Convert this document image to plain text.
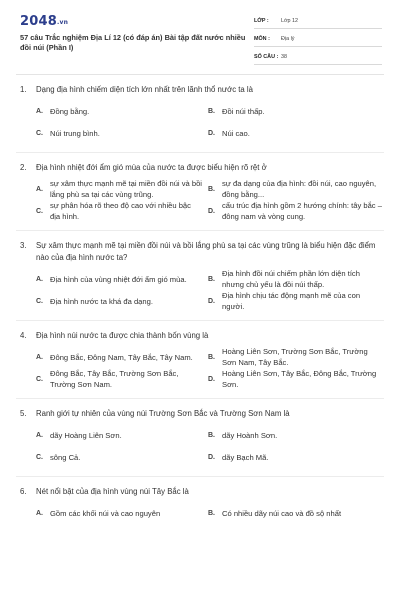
2048.vn
57 câu Trắc nghiệm Địa Lí 12 (có đáp án) Bài tập đất nước nhiều đồi núi (Phần I)
LỚP :	Lớp 12
MÔN :	Địa lý
SỐ CÂU : 38
1.	Dạng địa hình chiếm diện tích lớn nhất trên lãnh thổ nước ta là
A. Đồng bằng.	B. Đồi núi thấp.
C. Núi trung bình.	D. Núi cao.
2.	Địa hình nhiệt đới ẩm gió mùa của nước ta được biểu hiện rõ rệt ở
A.
sự xâm thực mạnh mẽ tại miền đồi núi và bồi lắng phù sa tại các vùng trũng.
B.
sự đa dạng của địa hình: đồi núi, cao nguyên, đồng bằng...
C.
sự phân hóa rõ theo độ cao với nhiều bậc địa hình.
D.
cấu trúc địa hình gồm 2 hướng chính: tây bắc – đông nam và vòng cung.
3.	Sự xâm thực mạnh mẽ tại miền đồi núi và bồi lắng phù sa tại các vùng trũng là biểu hiện đặc điểm nào của địa hình nước ta?
A. Địa hình của vùng nhiệt đới ẩm gió mùa.	B.
Địa hình đồi núi chiếm phần lớn diện tích nhưng chủ yếu là đồi núi thấp.
C. Địa hình nước ta khá đa dạng.	D.
Địa hình chịu tác động mạnh mẽ của con người.
4.	Địa hình núi nước ta được chia thành bốn vùng là
A. Đông Bắc, Đông Nam, Tây Bắc, Tây Nam.	B.
Hoàng Liên Sơn, Trường Sơn Bắc, Trường Sơn Nam, Tây Bắc.
C.
Đông Bắc, Tây Bắc, Trường Sơn Bắc, Trường Sơn Nam.
D.
Hoàng Liên Sơn, Tây Bắc, Đông Bắc, Trường Sơn.
5.	Ranh giới tự nhiên của vùng núi Trường Sơn Bắc và Trường Sơn Nam là
A. dãy Hoàng Liên Sơn.	B. dãy Hoành Sơn.
C. sông Cả.	D. dãy Bạch Mã.
6.	Nét nổi bật của địa hình vùng núi Tây Bắc là
A. Gồm các khối núi và cao nguyên	B. Có nhiều dãy núi cao và đồ sộ nhất
